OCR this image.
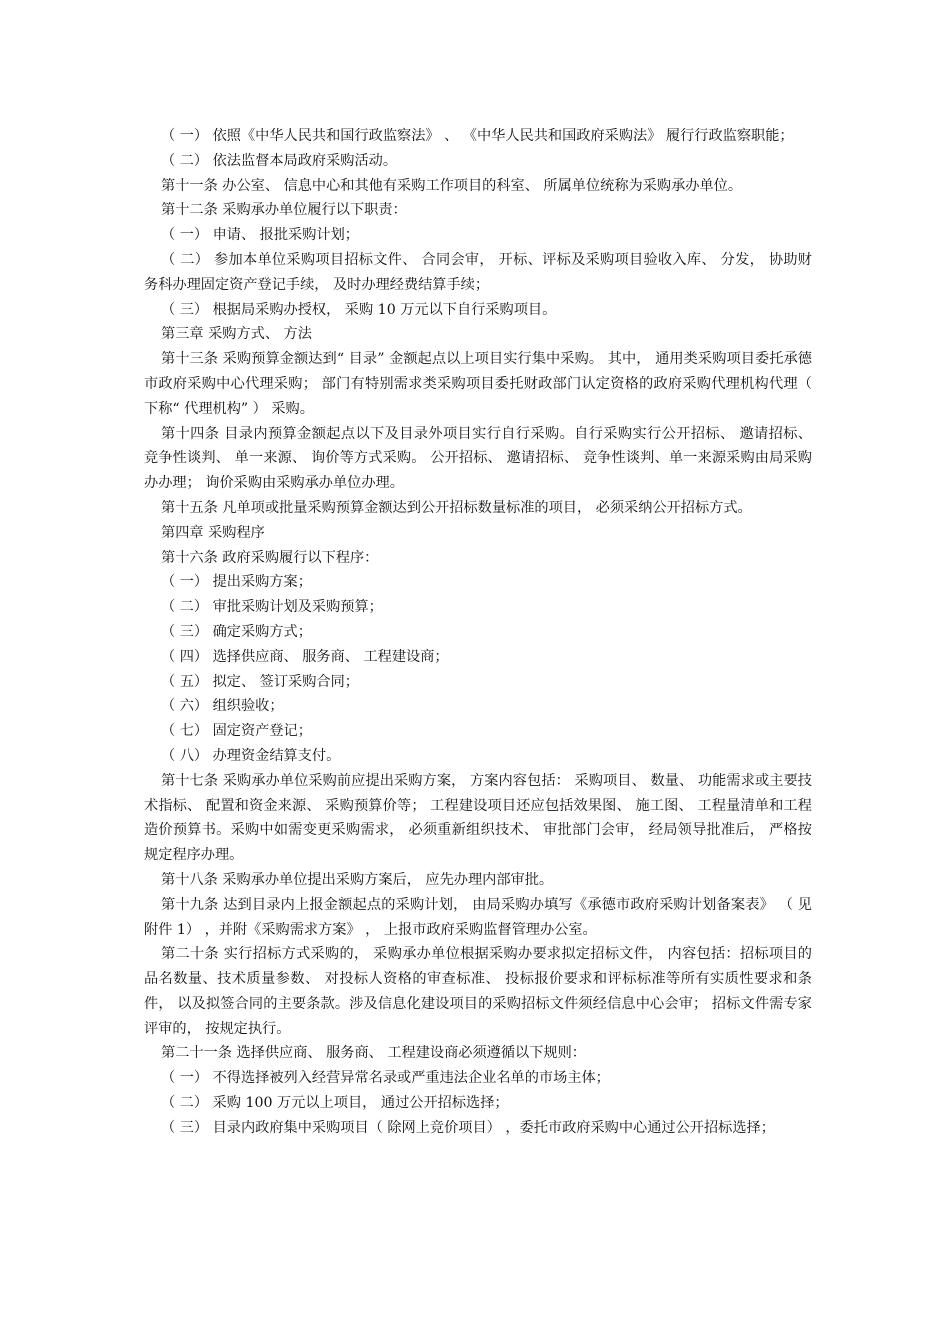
（ 一） 依照《中华人民共和国行政监察法》 、 《中华人民共和国政府采购法》 履行行政监察职能；

（ 二） 依法监督本局政府采购活动。

第十一条 办公室、 信息中心和其他有采购工作项目的科室、 所属单位统称为采购承办单位。

第十二条 采购承办单位履行以下职责：

（ 一） 申请、 报批采购计划；

（ 二） 参加本单位采购项目招标文件、 合同会审， 开标、评标及采购项目验收入库、 分发， 协助财务科办理固定资产登记手续， 及时办理经费结算手续；

（ 三） 根据局采购办授权， 采购 10 万元以下自行采购项目。

第三章 采购方式、 方法

第十三条 采购预算金额达到“ 目录” 金额起点以上项目实行集中采购。 其中， 通用类采购项目委托承德市政府采购中心代理采购； 部门有特别需求类采购项目委托财政部门认定资格的政府采购代理机构代理（ 下称“ 代理机构” ） 采购。

第十四条 目录内预算金额起点以下及目录外项目实行自行采购。自行采购实行公开招标、 邀请招标、 竞争性谈判、 单一来源、 询价等方式采购。 公开招标、 邀请招标、 竞争性谈判、单一来源采购由局采购办办理； 询价采购由采购承办单位办理。

第十五条 凡单项或批量采购预算金额达到公开招标数量标准的项目， 必须采纳公开招标方式。

第四章 采购程序

第十六条 政府采购履行以下程序：

（ 一） 提出采购方案；

（ 二） 审批采购计划及采购预算；

（ 三） 确定采购方式；

（ 四） 选择供应商、 服务商、 工程建设商；

（ 五） 拟定、 签订采购合同；

（ 六） 组织验收；

（ 七） 固定资产登记；

（ 八） 办理资金结算支付。

第十七条 采购承办单位采购前应提出采购方案， 方案内容包括： 采购项目、 数量、 功能需求或主要技术指标、 配置和资金来源、 采购预算价等； 工程建设项目还应包括效果图、 施工图、 工程量清单和工程造价预算书。采购中如需变更采购需求， 必须重新组织技术、 审批部门会审， 经局领导批准后， 严格按规定程序办理。

第十八条 采购承办单位提出采购方案后， 应先办理内部审批。

第十九条 达到目录内上报金额起点的采购计划， 由局采购办填写《承德市政府采购计划备案表》 （ 见附件 1） ，并附《采购需求方案》 ， 上报市政府采购监督管理办公室。

第二十条 实行招标方式采购的， 采购承办单位根据采购办要求拟定招标文件， 内容包括：招标项目的品名数量、技术质量参数、 对投标人资格的审查标准、 投标报价要求和评标标准等所有实质性要求和条件， 以及拟签合同的主要条款。涉及信息化建设项目的采购招标文件须经信息中心会审； 招标文件需专家评审的， 按规定执行。

第二十一条 选择供应商、 服务商、 工程建设商必须遵循以下规则：

（ 一） 不得选择被列入经营异常名录或严重违法企业名单的市场主体；

（ 二） 采购 100 万元以上项目， 通过公开招标选择；

（ 三） 目录内政府集中采购项目（ 除网上竞价项目） ，委托市政府采购中心通过公开招标选择；
